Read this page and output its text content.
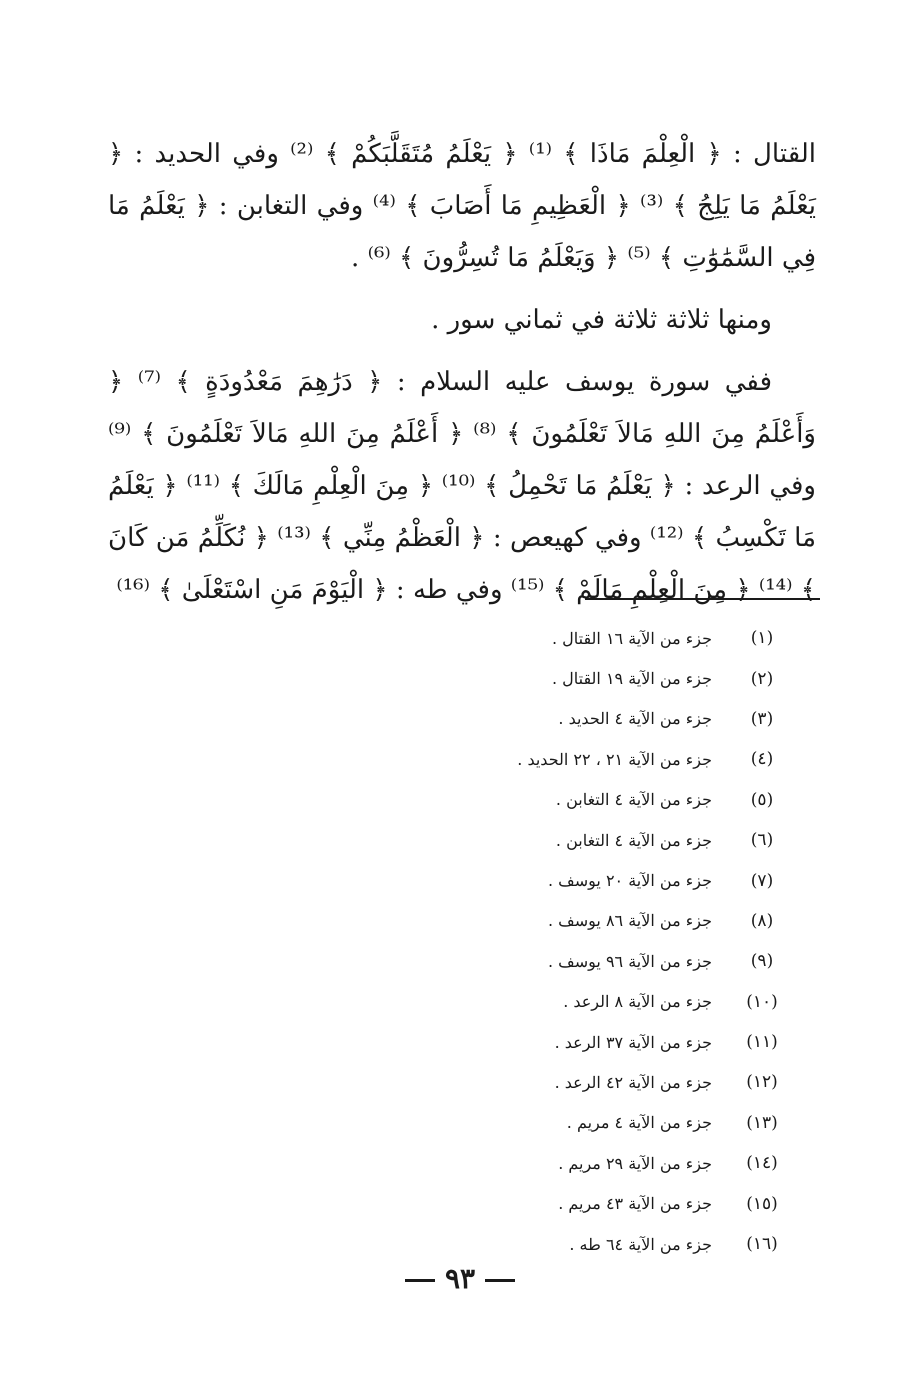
القتال : ﴿ الْعِلْمَ مَاذَا ﴾ ⁽¹⁾ ﴿ يَعْلَمُ مُتَقَلَّبَكُمْ ﴾ ⁽²⁾ وفي الحديد : ﴿ يَعْلَمُ مَا يَلِجُ ﴾ ⁽³⁾ ﴿ الْعَظِيمِ مَا أَصَابَ ﴾ ⁽⁴⁾ وفي التغابن : ﴿ يَعْلَمُ مَا فِي السَّمَٰوَٰتِ ﴾ ⁽⁵⁾ ﴿ وَيَعْلَمُ مَا تُسِرُّونَ ﴾ ⁽⁶⁾ .

ومنها ثلاثة ثلاثة في ثماني سور .

ففي سورة يوسف عليه السلام : ﴿ دَرَٰهِمَ مَعْدُودَةٍ ﴾ ⁽⁷⁾ ﴿ وَأَعْلَمُ مِنَ اللهِ مَالاَ تَعْلَمُونَ ﴾ ⁽⁸⁾ ﴿ أَعْلَمُ مِنَ اللهِ مَالاَ تَعْلَمُونَ ﴾ ⁽⁹⁾ وفي الرعد : ﴿ يَعْلَمُ مَا تَحْمِلُ ﴾ ⁽¹⁰⁾ ﴿ مِنَ الْعِلْمِ مَالَكَ ﴾ ⁽¹¹⁾ ﴿ يَعْلَمُ مَا تَكْسِبُ ﴾ ⁽¹²⁾ وفي كهيعص : ﴿ الْعَظْمُ مِنِّي ﴾ ⁽¹³⁾ ﴿ نُكَلِّمُ مَن كَانَ ﴾ ⁽¹⁴⁾ ﴿ مِنَ الْعِلْمِ مَالَمْ ﴾ ⁽¹⁵⁾ وفي طه : ﴿ الْيَوْمَ مَنِ اسْتَعْلَىٰ ﴾ ⁽¹⁶⁾

(١)
جزء من الآية ١٦ القتال .
(٢)
جزء من الآية ١٩ القتال .
(٣)
جزء من الآية ٤ الحديد .
(٤)
جزء من الآية ٢١ ، ٢٢ الحديد .
(٥)
جزء من الآية ٤ التغابن .
(٦)
جزء من الآية ٤ التغابن .
(٧)
جزء من الآية ٢٠ يوسف .
(٨)
جزء من الآية ٨٦ يوسف .
(٩)
جزء من الآية ٩٦ يوسف .
(١٠)
جزء من الآية ٨ الرعد .
(١١)
جزء من الآية ٣٧ الرعد .
(١٢)
جزء من الآية ٤٢ الرعد .
(١٣)
جزء من الآية ٤ مريم .
(١٤)
جزء من الآية ٢٩ مريم .
(١٥)
جزء من الآية ٤٣ مريم .
(١٦)
جزء من الآية ٦٤ طه .
٩٣
